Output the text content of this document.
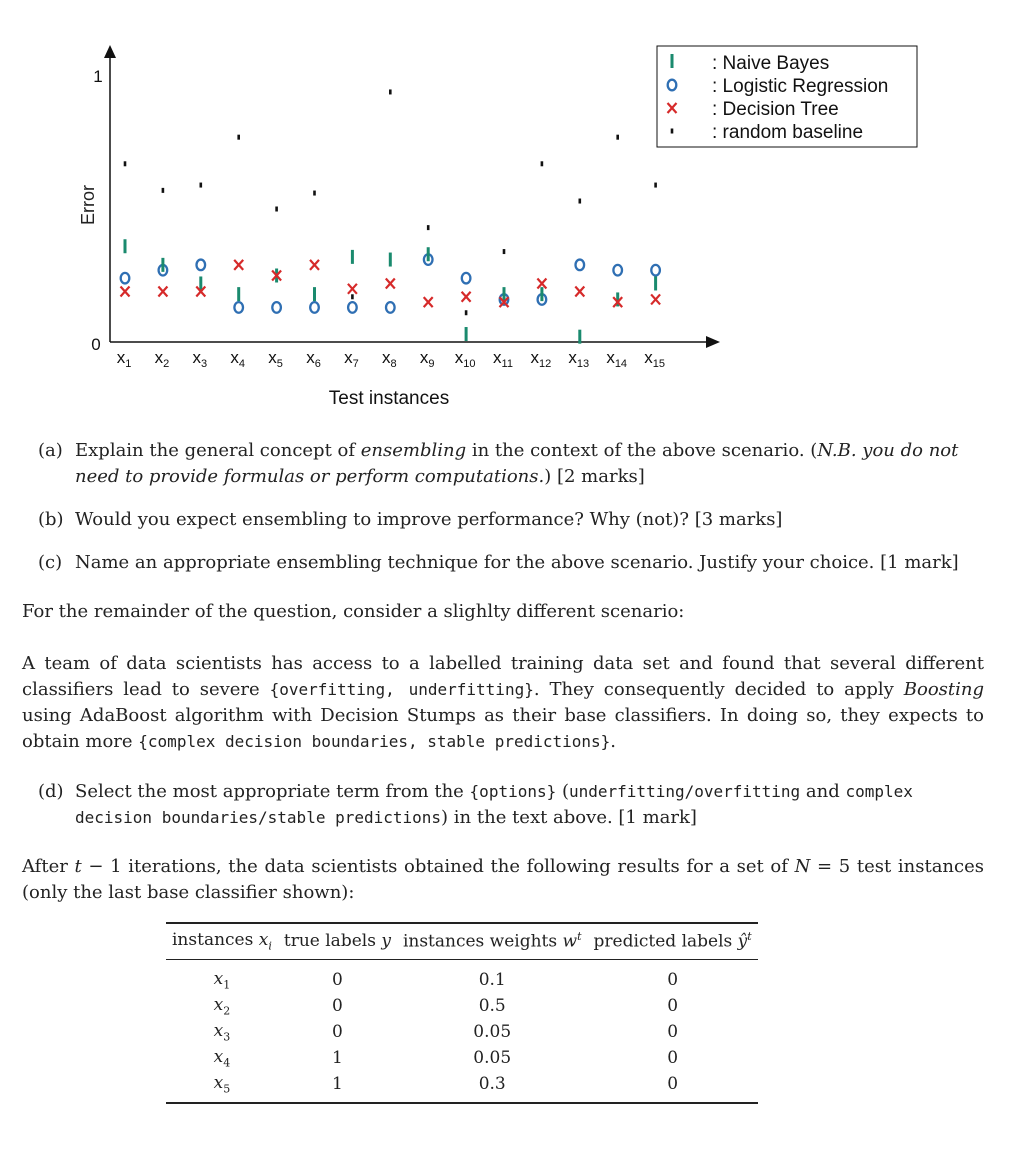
0
1
Error
Test instances
$x_1$ $x_2$ $x_3$ $x_4$ $x_5$ $x_6$ $x_7$ $x_8$ $x_9$ $x_{10}$ $x_{11}$ $x_{12}$ $x_{13}$ $x_{14}$ $x_{15}$
: Naive Bayes
: Logistic Regression
: Decision Tree
: random baseline
(a) Explain the general concept of ensembling in the context of the above scenario. (N.B. you do not need to provide formulas or perform computations.) [2 marks]
(b) Would you expect ensembling to improve performance? Why (not)? [3 marks]
(c) Name an appropriate ensembling technique for the above scenario. Justify your choice. [1 mark]
For the remainder of the question, consider a slighlty different scenario:
A team of data scientists has access to a labelled training data set and found that several different classifiers lead to severe {overfitting, underfitting}. They consequently decided to apply Boosting using AdaBoost algorithm with Decision Stumps as their base classifiers. In doing so, they expects to obtain more {complex decision boundaries, stable predictions}.
(d) Select the most appropriate term from the {options} (underfitting/overfitting and complex decision boundaries/stable predictions) in the text above. [1 mark]
After t − 1 iterations, the data scientists obtained the following results for a set of N = 5 test instances (only the last base classifier shown):
instances $x_i$	true labels y	instances weights $w^t$	predicted labels $ŷ^t$
$x_1$	0	0.1	0
$x_2$	0	0.5	0
$x_3$	0	0.05	0
$x_4$	1	0.05	0
$x_5$	1	0.3	0
